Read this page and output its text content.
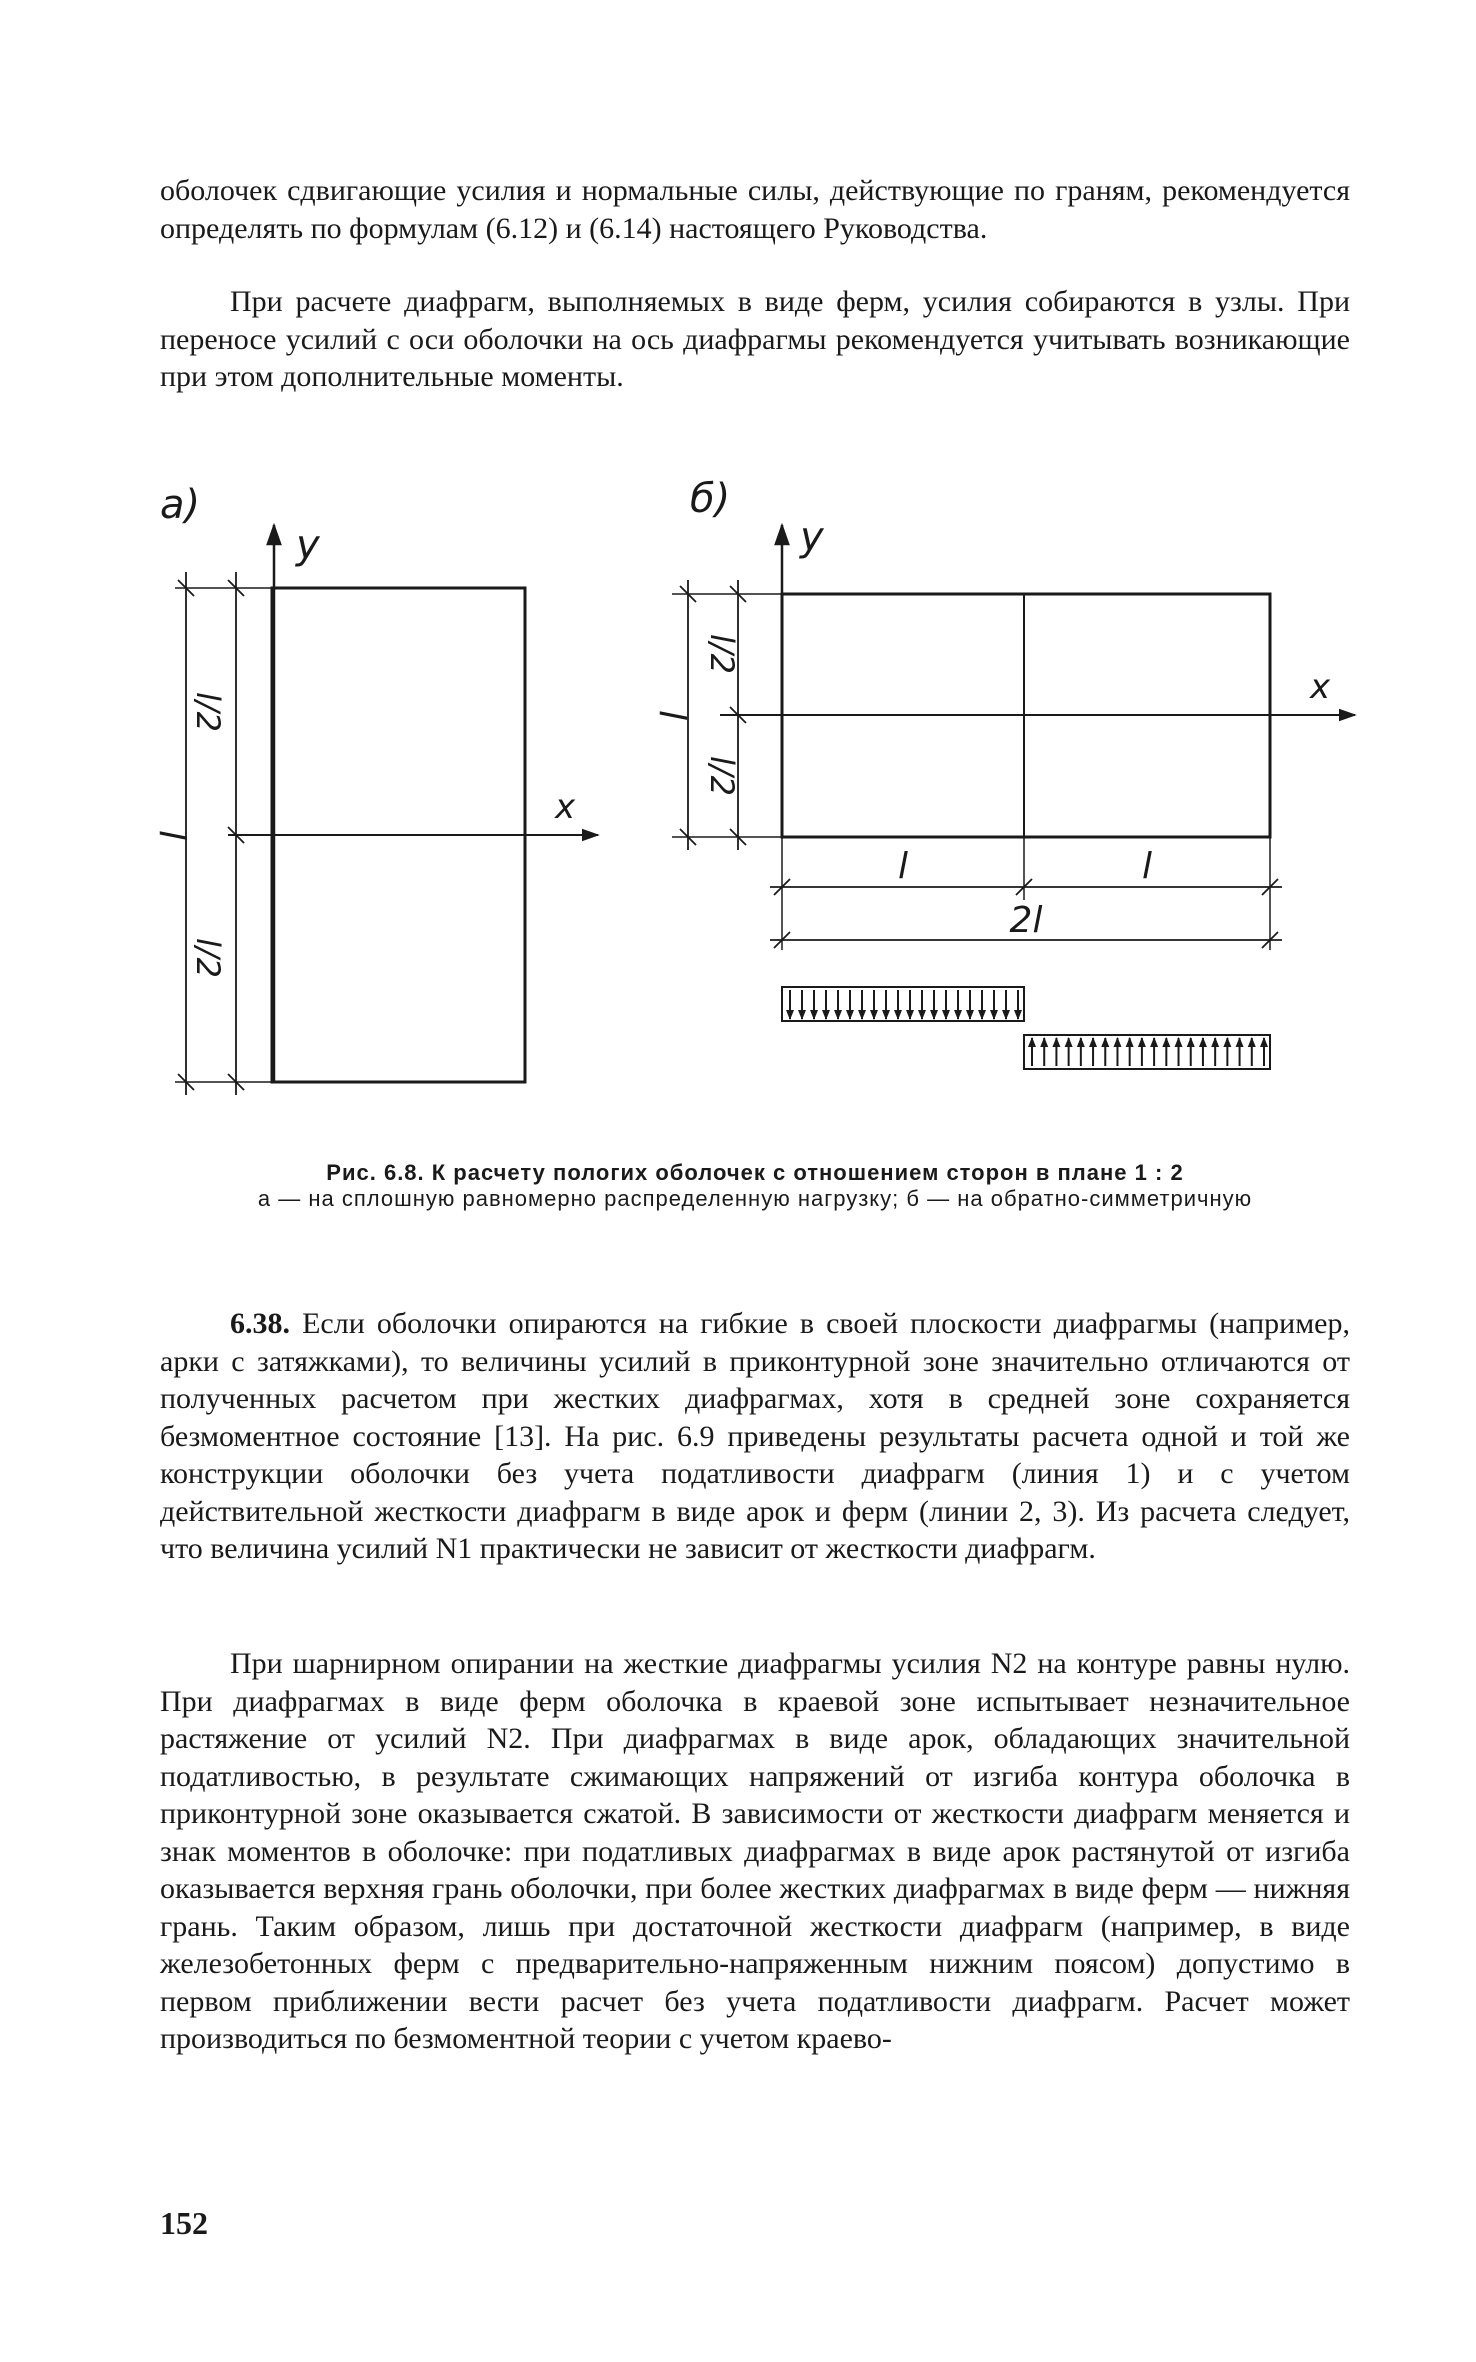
оболочек сдвигающие усилия и нормальные силы, действующие по граням, рекомендуется определять по формулам (6.12) и (6.14) настоящего Руководства.

При расчете диафрагм, выполняемых в виде ферм, усилия собираются в узлы. При переносе усилий с оси оболочки на ось диафрагмы рекомендуется учитывать возникающие при этом дополнительные моменты.

a)
y
x
l
l/2
l/2
б)
y
x
l
l/2
l/2
l	l
2l
Рис. 6.8. К расчету пологих оболочек с отношением сторон в плане 1 : 2
а — на сплошную равномерно распределенную нагрузку; б — на обратно-симметричную

6.38. Если оболочки опираются на гибкие в своей плоскости диафрагмы (например, арки с затяжками), то величины усилий в приконтурной зоне значительно отличаются от полученных расчетом при жестких диафрагмах, хотя в средней зоне сохраняется безмоментное состояние [13]. На рис. 6.9 приведены результаты расчета одной и той же конструкции оболочки без учета податливости диафрагм (линия 1) и с учетом действительной жесткости диафрагм в виде арок и ферм (линии 2, 3). Из расчета следует, что величина усилий N1 практически не зависит от жесткости диафрагм.

При шарнирном опирании на жесткие диафрагмы усилия N2 на контуре равны нулю. При диафрагмах в виде ферм оболочка в краевой зоне испытывает незначительное растяжение от усилий N2. При диафрагмах в виде арок, обладающих значительной податливостью, в результате сжимающих напряжений от изгиба контура оболочка в приконтурной зоне оказывается сжатой. В зависимости от жесткости диафрагм меняется и знак моментов в оболочке: при податливых диафрагмах в виде арок растянутой от изгиба оказывается верхняя грань оболочки, при более жестких диафрагмах в виде ферм — нижняя грань. Таким образом, лишь при достаточной жесткости диафрагм (например, в виде железобетонных ферм с предварительно-напряженным нижним поясом) допустимо в первом приближении вести расчет без учета податливости диафрагм. Расчет может производиться по безмоментной теории с учетом краево-

152
